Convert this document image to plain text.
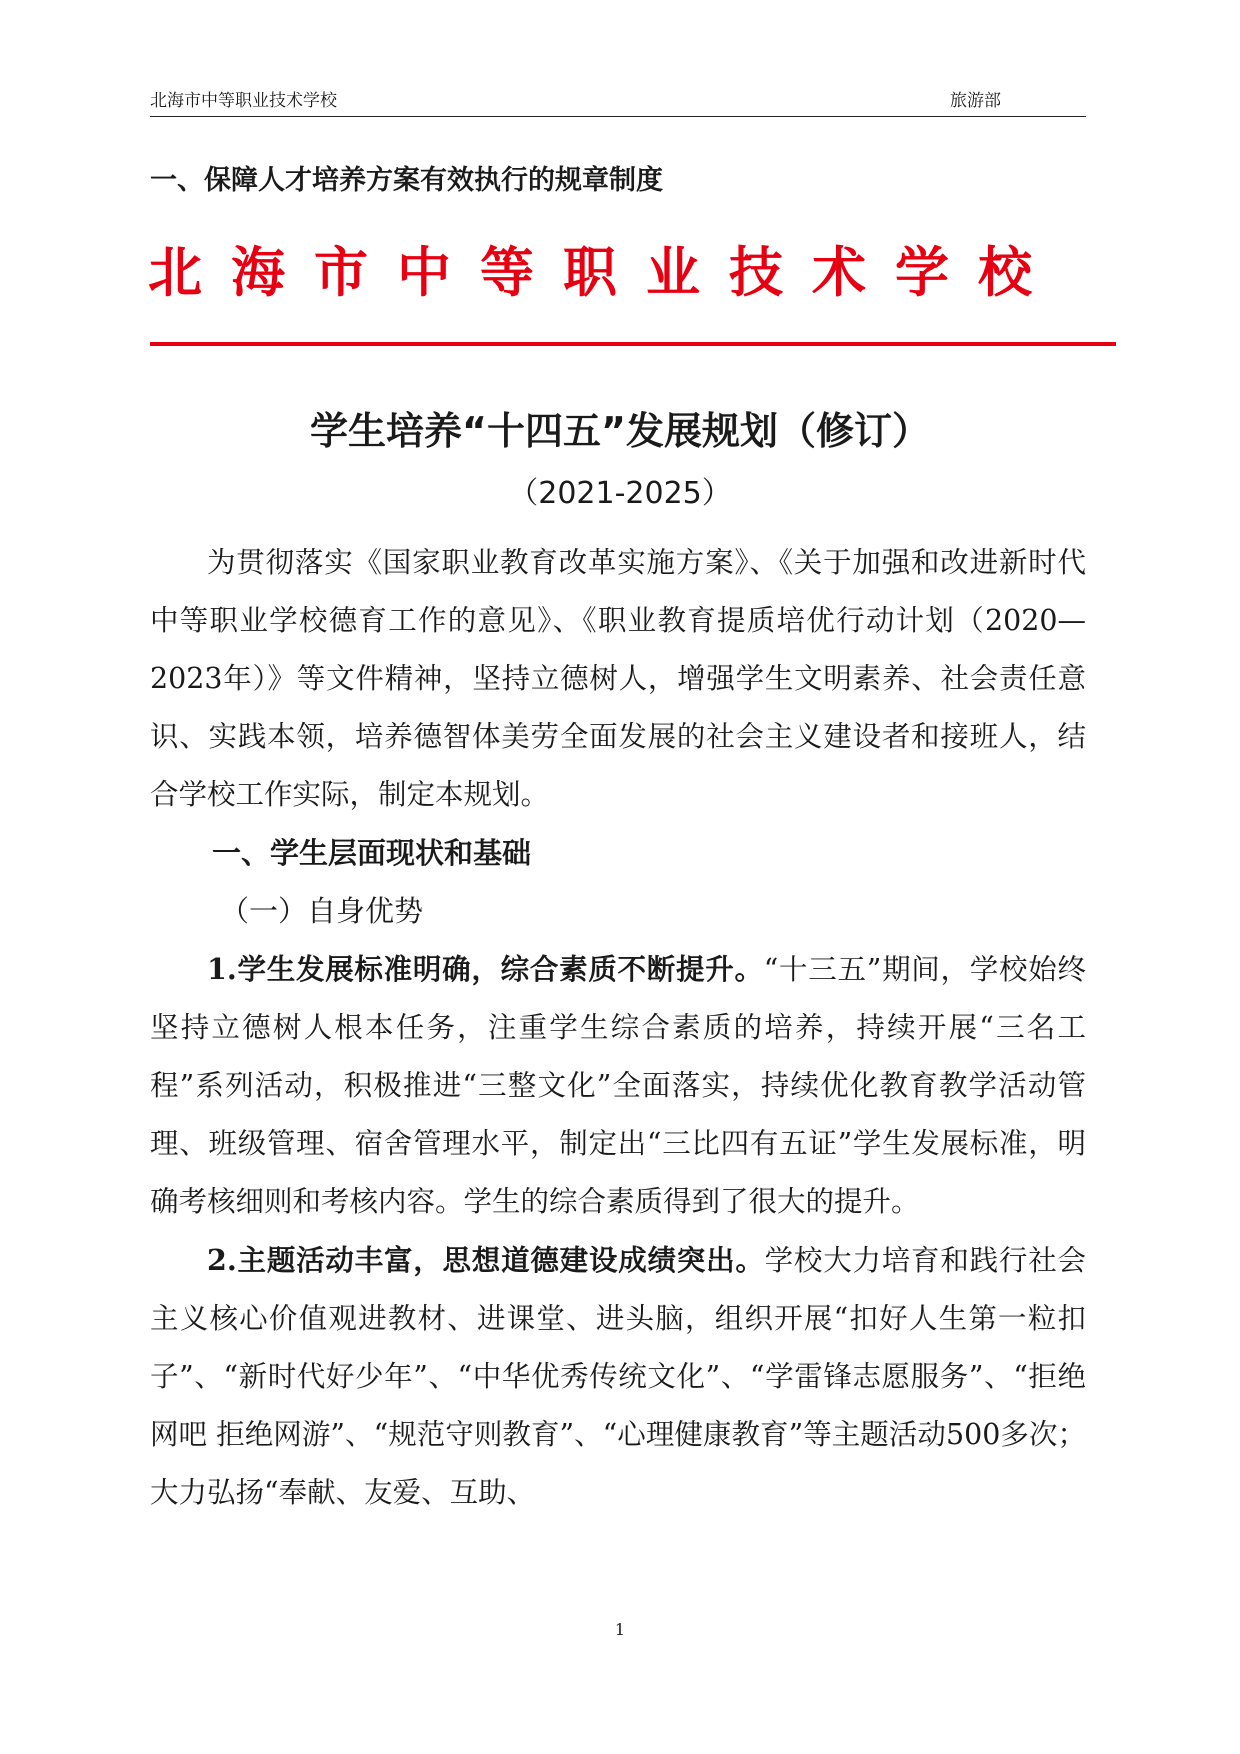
北海市中等职业技术学校	旅游部
一、保障人才培养方案有效执行的规章制度
北海市中等职业技术学校
学生培养“十四五”发展规划（修订）
（2021-2025）

为贯彻落实《国家职业教育改革实施方案》、《关于加强和改进新时代中等职业学校德育工作的意见》、《职业教育提质培优行动计划（2020—2023年）》等文件精神，坚持立德树人，增强学生文明素养、社会责任意识、实践本领，培养德智体美劳全面发展的社会主义建设者和接班人，结合学校工作实际，制定本规划。

一、学生层面现状和基础
（一）自身优势

1.学生发展标准明确，综合素质不断提升。“十三五”期间，学校始终坚持立德树人根本任务，注重学生综合素质的培养，持续开展“三名工程”系列活动，积极推进“三整文化”全面落实，持续优化教育教学活动管理、班级管理、宿舍管理水平，制定出“三比四有五证”学生发展标准，明确考核细则和考核内容。学生的综合素质得到了很大的提升。

2.主题活动丰富，思想道德建设成绩突出。学校大力培育和践行社会主义核心价值观进教材、进课堂、进头脑，组织开展“扣好人生第一粒扣子”、“新时代好少年”、“中华优秀传统文化”、“学雷锋志愿服务”、“拒绝网吧 拒绝网游”、“规范守则教育”、“心理健康教育”等主题活动500多次；大力弘扬“奉献、友爱、互助、

1
